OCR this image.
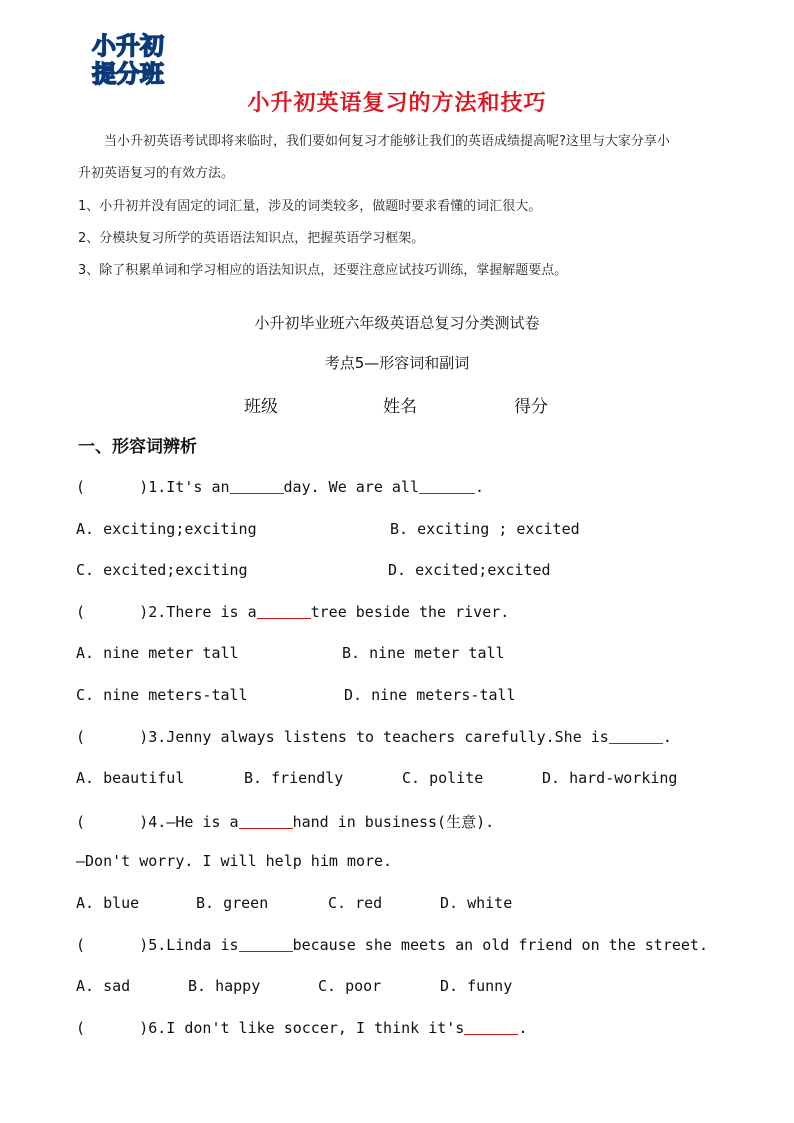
小升初
提分班
小升初英语复习的方法和技巧
当小升初英语考试即将来临时，我们要如何复习才能够让我们的英语成绩提高呢?这里与大家分享小
升初英语复习的有效方法。
1、小升初并没有固定的词汇量，涉及的词类较多，做题时要求看懂的词汇很大。
2、分模块复习所学的英语语法知识点，把握英语学习框架。
3、除了积累单词和学习相应的语法知识点，还要注意应试技巧训练，掌握解题要点。
小升初毕业班六年级英语总复习分类测试卷
考点5—形容词和副词
班级	姓名	得分
一、形容词辨析
(      )1.It's an	day. We are all	.
A. exciting;exciting	B. exciting ; excited
C. excited;exciting	D. excited;excited
(      )2.There is a	tree beside the river.
A. nine meter tall	B. nine meter tall
C. nine meters-tall	D. nine meters-tall
(      )3.Jenny always listens to teachers carefully.She is	.
A. beautiful	B. friendly	C. polite	D. hard-working
(      )4.—He is a	hand in business(生意).
—Don't worry. I will help him more.
A. blue	B. green	C. red	D. white
(      )5.Linda is	because she meets an old friend on the street.
A. sad	B. happy	C. poor	D. funny
(      )6.I don't like soccer, I think it's	.
